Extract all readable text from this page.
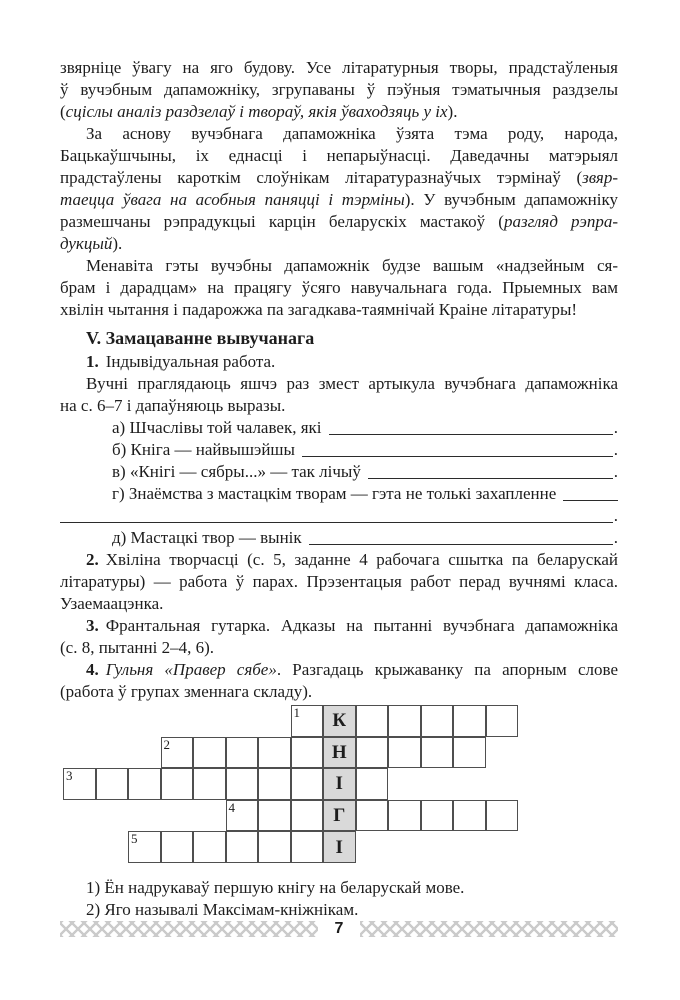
звярніце ўвагу на яго будову. Усе літаратурныя творы, прадстаўленыя
ў вучэбным дапаможніку, згрупаваны ў пэўныя тэматычныя раздзелы
(сціслы аналіз раздзелаў і твораў, якія ўваходзяць у іх).
За аснову вучэбнага дапаможніка ўзята тэма роду, народа,
Бацькаўшчыны, іх еднасці і непарыўнасці. Даведачны матэрыял
прадстаўлены кароткім слоўнікам літаратуразнаўчых тэрмінаў (звяр-
таецца ўвага на асобныя паняцці і тэрміны). У вучэбным дапаможніку
размешчаны рэпрадукцыі карцін беларускіх мастакоў (разгляд рэпра-
дукцый).
Менавіта гэты вучэбны дапаможнік будзе вашым «надзейным ся-
брам і дарадцам» на працягу ўсяго навучальнага года. Прыемных вам
хвілін чытання і падарожжа па загадкава-таямнічай Краіне літаратуры!
V. Замацаванне вывучанага
1. Індывідуальная работа.
Вучні праглядаюць яшчэ раз змест артыкула вучэбнага дапаможніка
на с. 6–7 і дапаўняюць выразы.
а) Шчаслівы той чалавек, які	.
б) Кніга — найвышэйшы	.
в) «Кнігі — сябры...» — так лічыў	.
г) Знаёмства з мастацкім творам — гэта не толькі захапленне
.
д) Мастацкі твор — вынік	.
2. Хвіліна творчасці (с. 5, заданне 4 рабочага сшытка па беларускай
літаратуры) — работа ў парах. Прэзентацыя работ перад вучнямі класа.
Узаемаацэнка.
3. Франтальная гутарка. Адказы на пытанні вучэбнага дапаможніка
(с. 8, пытанні 2–4, 6).
4. Гульня «Правер сябе». Разгадаць крыжаванку па апорным слове
(работа ў групах зменнага складу).
1 К
2	Н
3	І
4	Г
5	І
1) Ён надрукаваў першую кнігу на беларускай мове.
2) Яго называлі Максімам-кніжнікам.
7
